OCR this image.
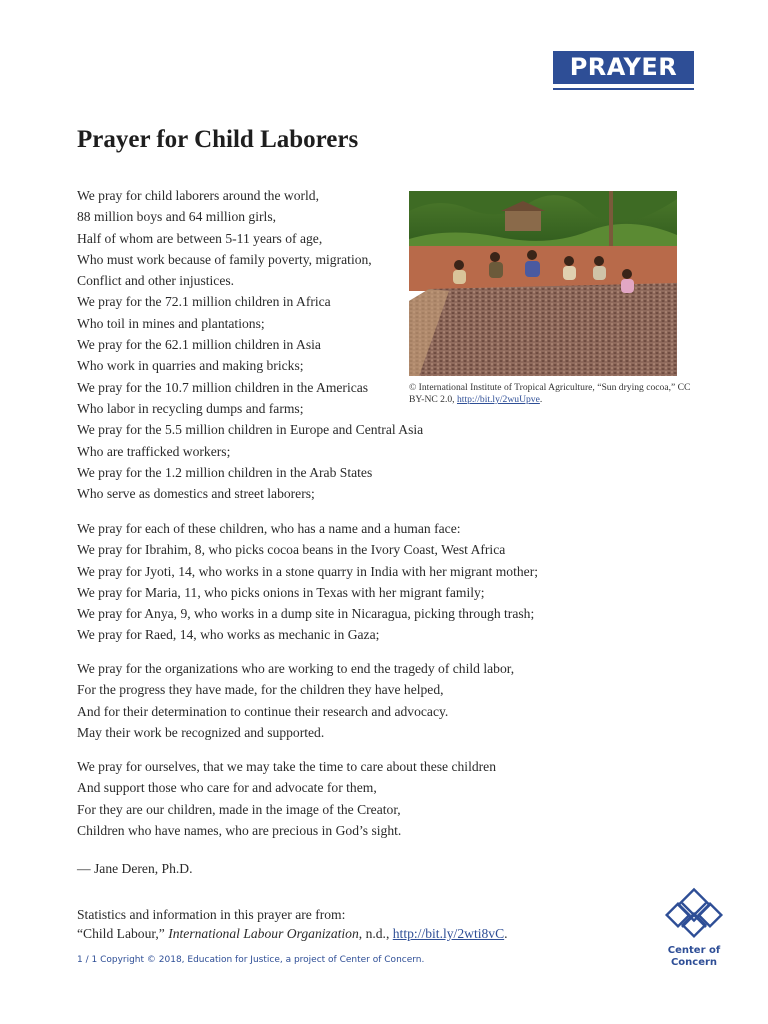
PRAYER
Prayer for Child Laborers
We pray for child laborers around the world,
88 million boys and 64 million girls,
Half of whom are between 5-11 years of age,
Who must work because of family poverty, migration,
Conflict and other injustices.
We pray for the 72.1 million children in Africa
Who toil in mines and plantations;
We pray for the 62.1 million children in Asia
Who work in quarries and making bricks;
We pray for the 10.7 million children in the Americas
Who labor in recycling dumps and farms;
We pray for the 5.5 million children in Europe and Central Asia
Who are trafficked workers;
We pray for the 1.2 million children in the Arab States
Who serve as domestics and street laborers;
We pray for each of these children, who has a name and a human face:
We pray for Ibrahim, 8, who picks cocoa beans in the Ivory Coast, West Africa
We pray for Jyoti, 14, who works in a stone quarry in India with her migrant mother;
We pray for Maria, 11, who picks onions in Texas with her migrant family;
We pray for Anya, 9, who works in a dump site in Nicaragua, picking through trash;
We pray for Raed, 14, who works as mechanic in Gaza;
We pray for the organizations who are working to end the tragedy of child labor,
For the progress they have made, for the children they have helped,
And for their determination to continue their research and advocacy.
May their work be recognized and supported.
We pray for ourselves, that we may take the time to care about these children
And support those who care for and advocate for them,
For they are our children, made in the image of the Creator,
Children who have names, who are precious in God’s sight.
© International Institute of Tropical Agriculture, “Sun drying cocoa,” CC BY-NC 2.0, http://bit.ly/2wuUpve.
— Jane Deren, Ph.D.
Statistics and information in this prayer are from:
“Child Labour,” International Labour Organization, n.d., http://bit.ly/2wti8vC.
1 / 1 Copyright © 2018, Education for Justice, a project of Center of Concern.
Center of
Concern
